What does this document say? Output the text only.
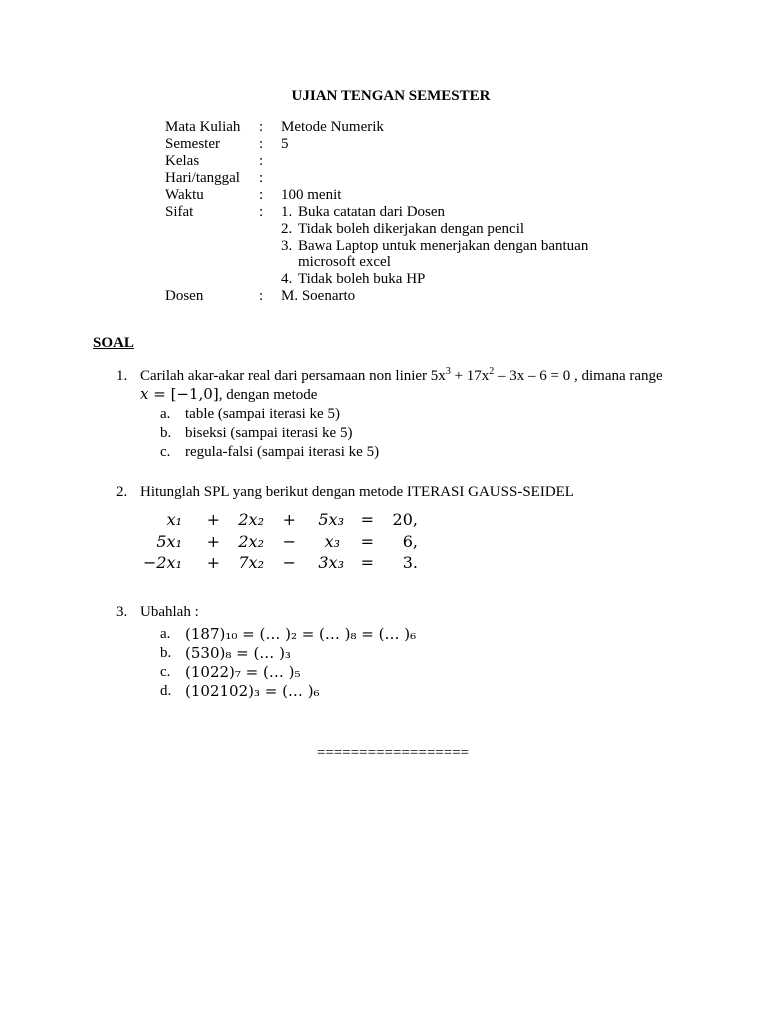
UJIAN TENGAN SEMESTER
Mata Kuliah : Metode Numerik
Semester	: 5
Kelas	:
Hari/tanggal :
Waktu	: 100 menit
Sifat	: 1. Buka catatan dari Dosen
2. Tidak boleh dikerjakan dengan pencil
3. Bawa Laptop untuk menerjakan dengan bantuan
microsoft excel
4. Tidak boleh buka HP
Dosen	: M. Soenarto
SOAL
1. Carilah akar-akar real dari persamaan non linier $5x^3 + 17x^2 - 3x - 6 = 0$ , dimana range
x = [−1,0], dengan metode
a. table (sampai iterasi ke 5)
b. biseksi (sampai iterasi ke 5)
c. regula-falsi (sampai iterasi ke 5)
2. Hitunglah SPL yang berikut dengan metode ITERASI GAUSS-SEIDEL
x₁	+	2x₂	+	5x₃ =	20,
5x₁	+	2x₂	−	x₃ =	6,
−2x₁	+	7x₂	−	3x₃ =	3.
3. Ubahlah :
a. (187)₁₀ = (… )₂ = (… )₈ = (… )₆
b. (530)₈ = (… )₃
c. (1022)₇ = (… )₅
d. (102102)₃ = (… )₆
==================
